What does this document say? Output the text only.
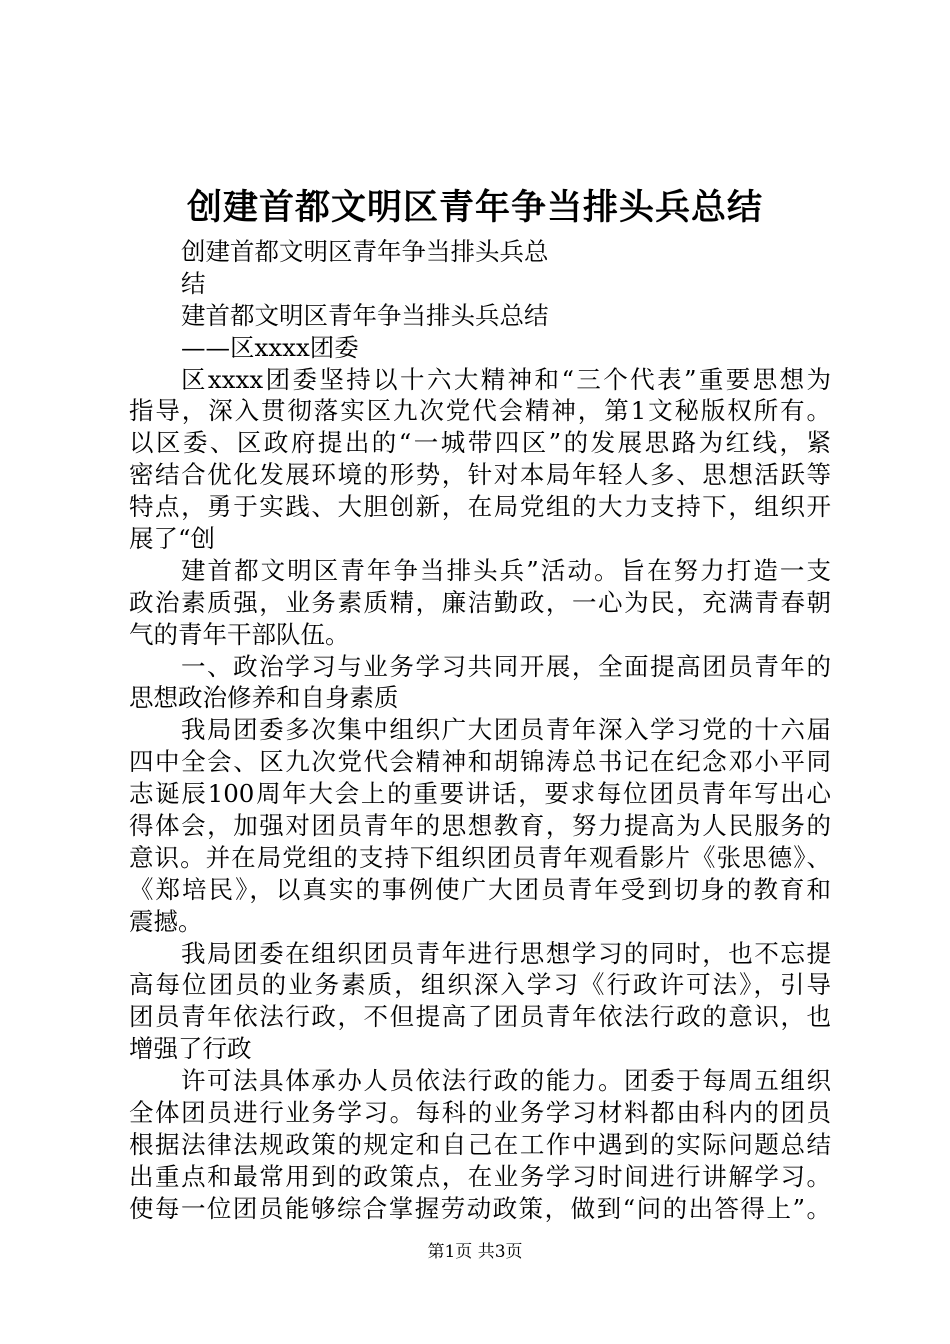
创建首都文明区青年争当排头兵总结
创建首都文明区青年争当排头兵总
结
建首都文明区青年争当排头兵总结
——区xxxx团委
区xxxx团委坚持以十六大精神和“三个代表”重要思想为
指导，深入贯彻落实区九次党代会精神，第1文秘版权所有。
以区委、区政府提出的“一城带四区”的发展思路为红线，紧
密结合优化发展环境的形势，针对本局年轻人多、思想活跃等
特点，勇于实践、大胆创新，在局党组的大力支持下，组织开
展了“创
建首都文明区青年争当排头兵”活动。旨在努力打造一支
政治素质强，业务素质精，廉洁勤政，一心为民，充满青春朝
气的青年干部队伍。
一、政治学习与业务学习共同开展，全面提高团员青年的
思想政治修养和自身素质
我局团委多次集中组织广大团员青年深入学习党的十六届
四中全会、区九次党代会精神和胡锦涛总书记在纪念邓小平同
志诞辰100周年大会上的重要讲话，要求每位团员青年写出心
得体会，加强对团员青年的思想教育，努力提高为人民服务的
意识。并在局党组的支持下组织团员青年观看影片《张思德》、
《郑培民》，以真实的事例使广大团员青年受到切身的教育和
震撼。
我局团委在组织团员青年进行思想学习的同时，也不忘提
高每位团员的业务素质，组织深入学习《行政许可法》，引导
团员青年依法行政，不但提高了团员青年依法行政的意识，也
增强了行政
许可法具体承办人员依法行政的能力。团委于每周五组织
全体团员进行业务学习。每科的业务学习材料都由科内的团员
根据法律法规政策的规定和自己在工作中遇到的实际问题总结
出重点和最常用到的政策点，在业务学习时间进行讲解学习。
使每一位团员能够综合掌握劳动政策，做到“问的出答得上”。
第1页 共3页
